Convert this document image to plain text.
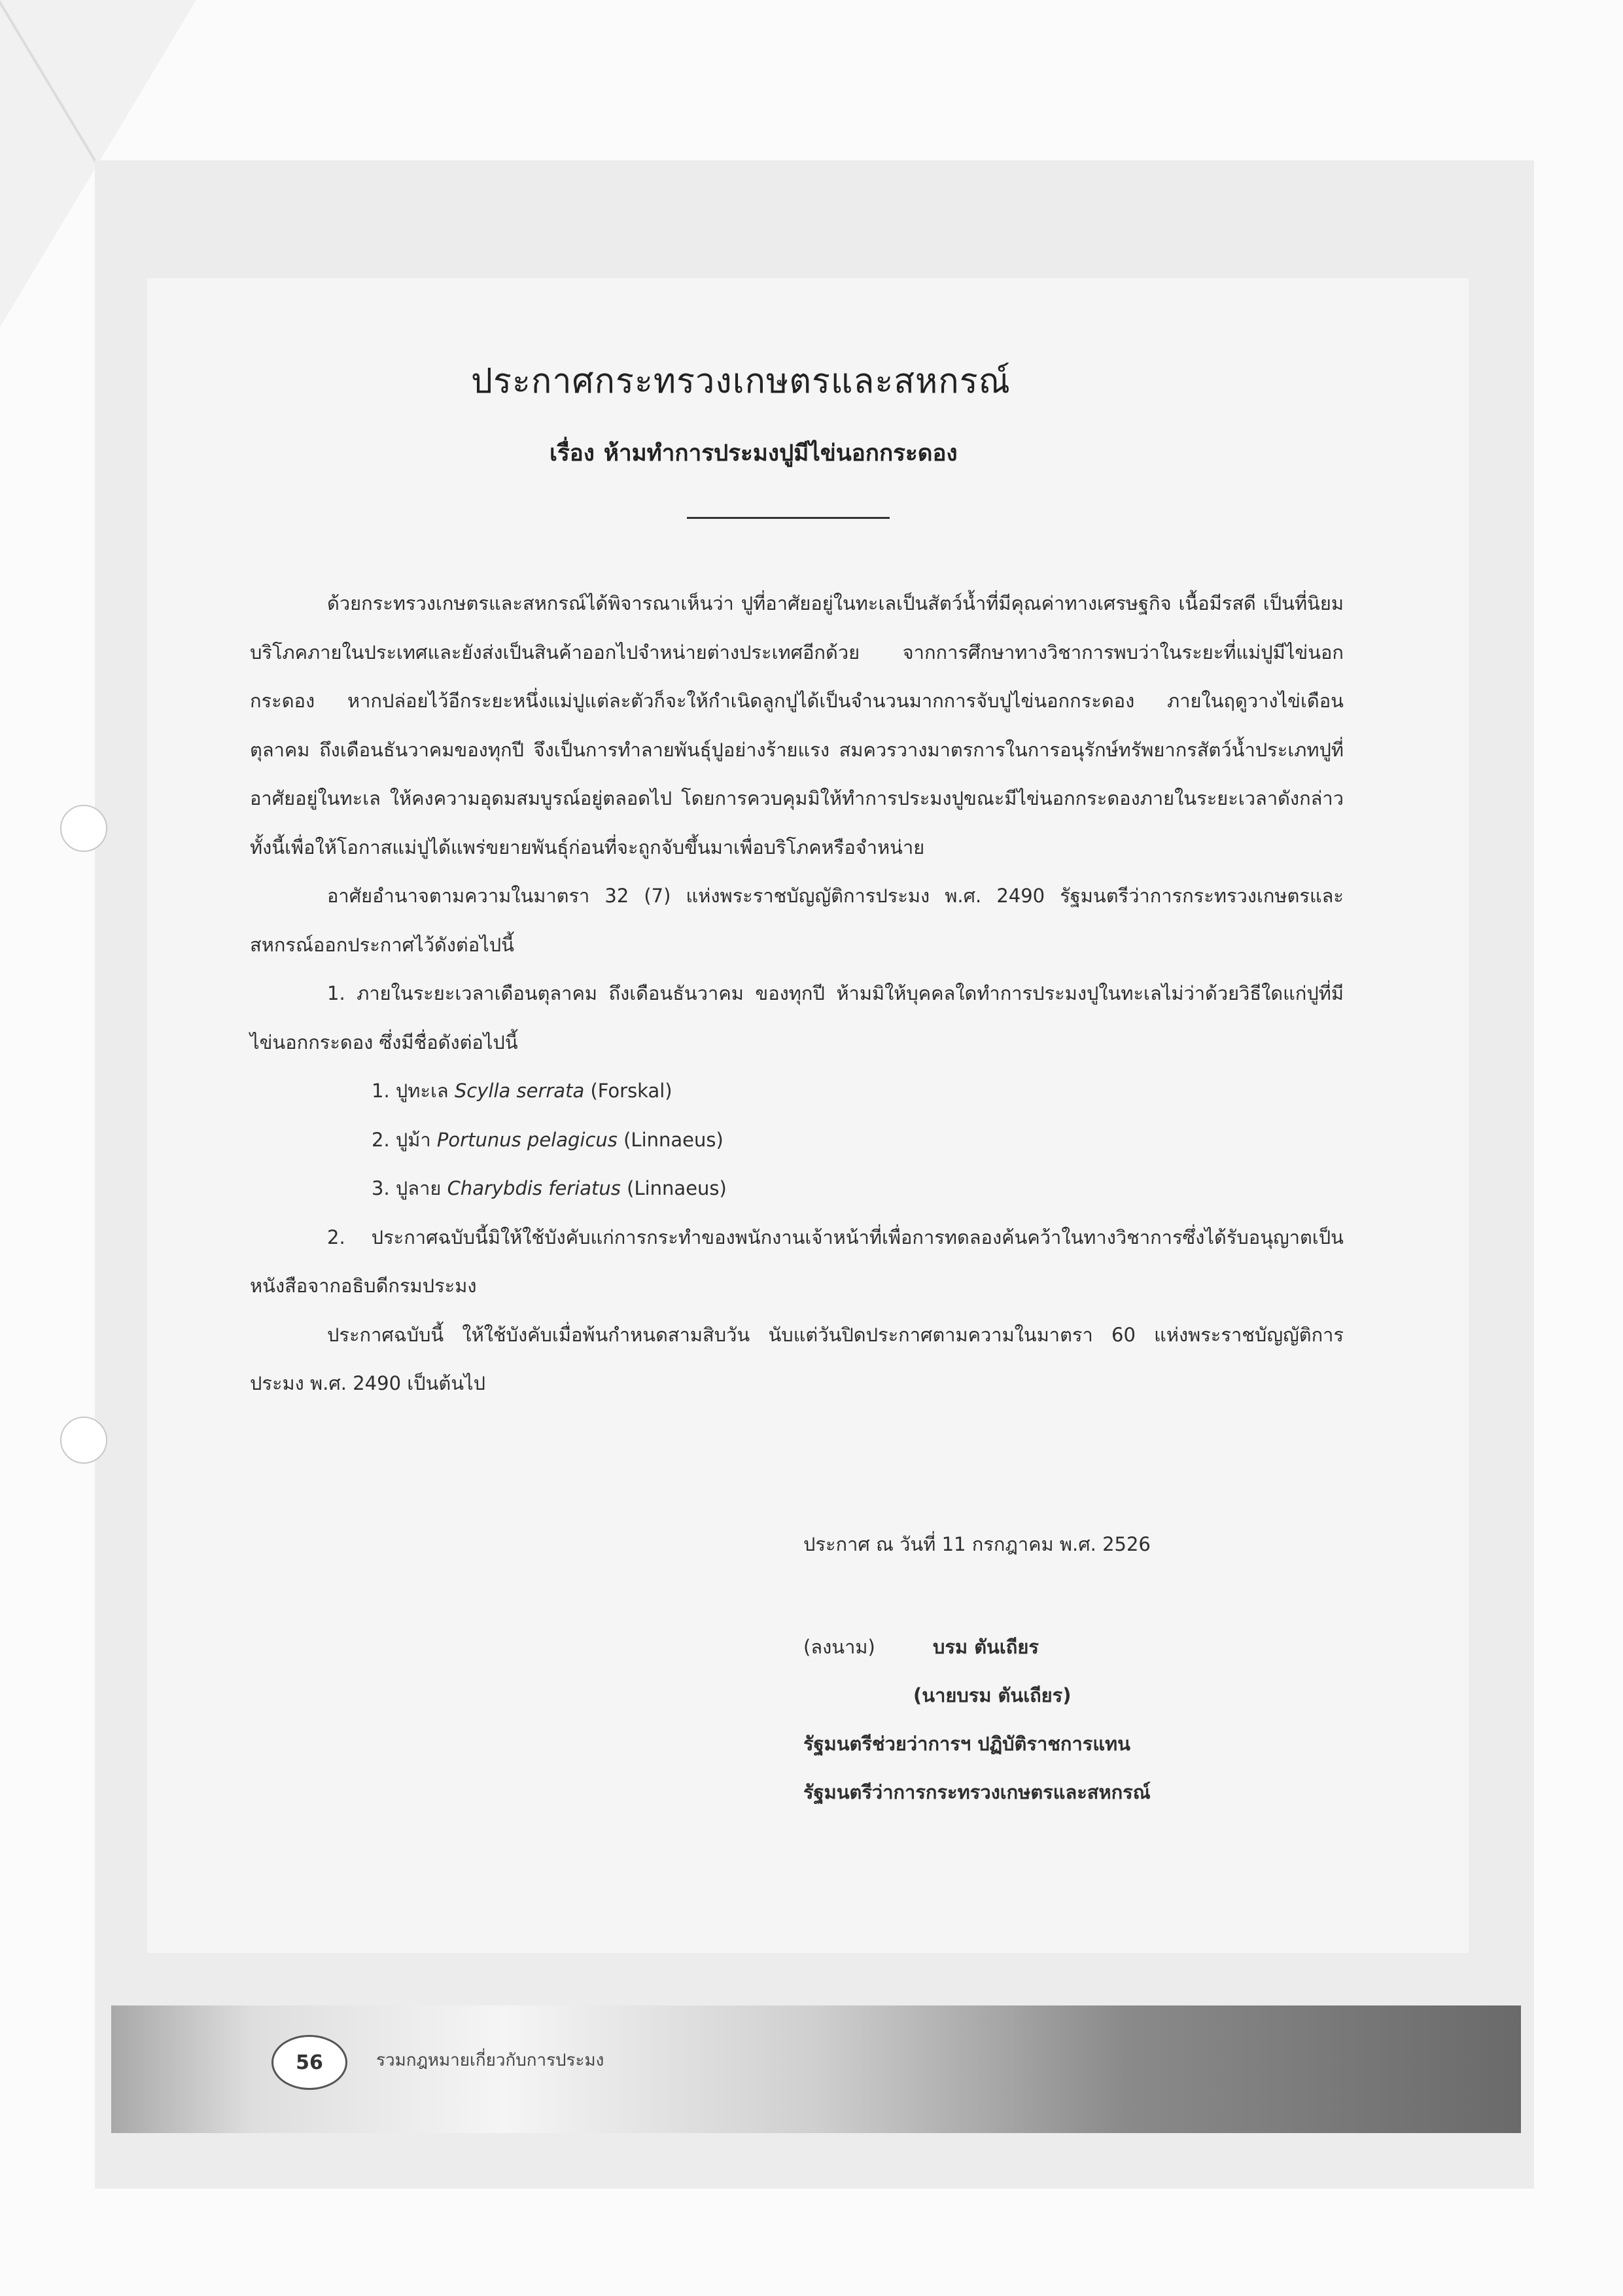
ประกาศกระทรวงเกษตรและสหกรณ์
เรื่อง ห้ามทำการประมงปูมีไข่นอกกระดอง

ด้วยกระทรวงเกษตรและสหกรณ์ได้พิจารณาเห็นว่า ปูที่อาศัยอยู่ในทะเลเป็นสัตว์น้ำที่มีคุณค่าทางเศรษฐกิจ เนื้อมีรสดี เป็นที่นิยมบริโภคภายในประเทศและยังส่งเป็นสินค้าออกไปจำหน่ายต่างประเทศอีกด้วย จากการศึกษาทางวิชาการพบว่าในระยะที่แม่ปูมีไข่นอกกระดอง หากปล่อยไว้อีกระยะหนึ่งแม่ปูแต่ละตัวก็จะให้กำเนิดลูกปูได้เป็นจำนวนมากการจับปูไข่นอกกระดอง ภายในฤดูวางไข่เดือนตุลาคม ถึงเดือนธันวาคมของทุกปี จึงเป็นการทำลายพันธุ์ปูอย่างร้ายแรง สมควรวางมาตรการในการอนุรักษ์ทรัพยากรสัตว์น้ำประเภทปูที่อาศัยอยู่ในทะเล ให้คงความอุดมสมบูรณ์อยู่ตลอดไป โดยการควบคุมมิให้ทำการประมงปูขณะมีไข่นอกกระดองภายในระยะเวลาดังกล่าว ทั้งนี้เพื่อให้โอกาสแม่ปูได้แพร่ขยายพันธุ์ก่อนที่จะถูกจับขึ้นมาเพื่อบริโภคหรือจำหน่าย

อาศัยอำนาจตามความในมาตรา 32 (7) แห่งพระราชบัญญัติการประมง พ.ศ. 2490 รัฐมนตรีว่าการกระทรวงเกษตรและสหกรณ์ออกประกาศไว้ดังต่อไปนี้

1. ภายในระยะเวลาเดือนตุลาคม ถึงเดือนธันวาคม ของทุกปี ห้ามมิให้บุคคลใดทำการประมงปูในทะเลไม่ว่าด้วยวิธีใดแก่ปูที่มีไข่นอกกระดอง ซึ่งมีชื่อดังต่อไปนี้

1. ปูทะเล Scylla serrata (Forskal)
2. ปูม้า Portunus pelagicus (Linnaeus)
3. ปูลาย Charybdis feriatus (Linnaeus)

2. ประกาศฉบับนี้มิให้ใช้บังคับแก่การกระทำของพนักงานเจ้าหน้าที่เพื่อการทดลองค้นคว้าในทางวิชาการซึ่งได้รับอนุญาตเป็นหนังสือจากอธิบดีกรมประมง

ประกาศฉบับนี้ ให้ใช้บังคับเมื่อพ้นกำหนดสามสิบวัน นับแต่วันปิดประกาศตามความในมาตรา 60 แห่งพระราชบัญญัติการประมง พ.ศ. 2490 เป็นต้นไป

ประกาศ ณ วันที่ 11 กรกฎาคม พ.ศ. 2526
(ลงนาม)	บรม ตันเถียร
(นายบรม ตันเถียร)
รัฐมนตรีช่วยว่าการฯ ปฏิบัติราชการแทน
รัฐมนตรีว่าการกระทรวงเกษตรและสหกรณ์
56	รวมกฎหมายเกี่ยวกับการประมง
